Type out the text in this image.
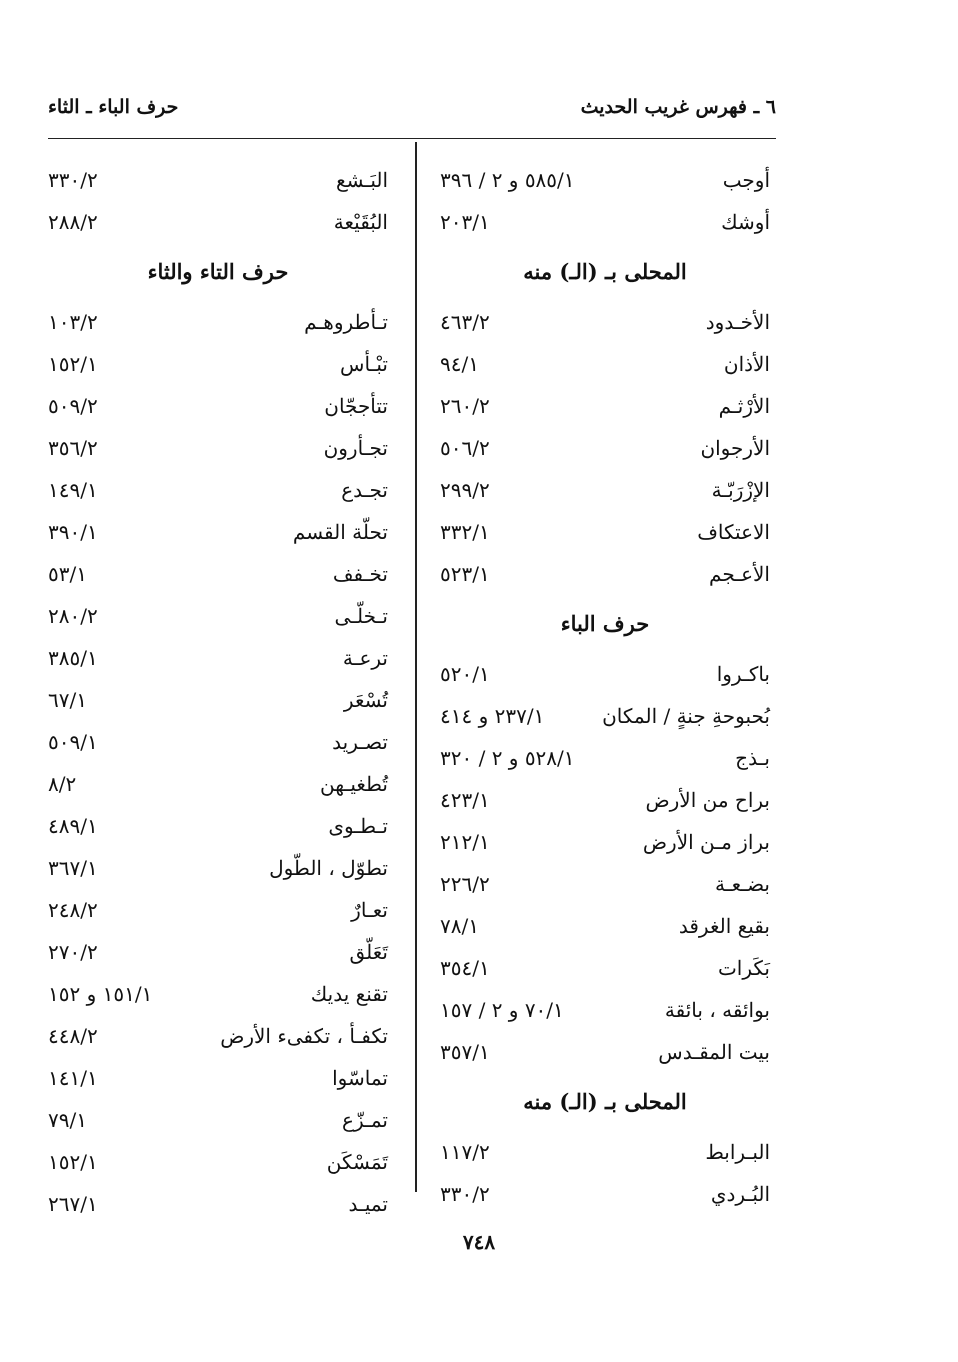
٦ ـ فهرس غريب الحديث
حرف الباء ـ الثاء
أوجب
٥٨٥/١ و ٢ / ٣٩٦
أوشك
٢٠٣/١
المحلى بـ (الـ) منه
الأخـدود
٤٦٣/٢
الأذان
٩٤/١
الأرْثـم
٢٦٠/٢
الأرجوان
٥٠٦/٢
الإزْرَبّـة
٢٩٩/٢
الاعتكاف
٣٣٢/١
الأعـجم
٥٢٣/١
حرف الباء
باكـروا
٥٢٠/١
بُحبوحةِ جنةٍ / المكان
٢٣٧/١ و ٤١٤
بـذج
٥٢٨/١ و ٢ / ٣٢٠
براح من الأرض
٤٢٣/١
براز مـن الأرض
٢١٢/١
بضـعـة
٢٢٦/٢
بقيع الغرقد
٧٨/١
بَكَرات
٣٥٤/١
بوائقه ، بائقة
٧٠/١ و ٢ / ١٥٧
بيت المقـدس
٣٥٧/١
المحلى بـ (الـ) منه
البـرابط
١١٧/٢
البُـردي
٣٣٠/٢
البَـشع
٣٣٠/٢
البُقَيْعة
٢٨٨/٢
حرف التاء والثاء
تـأطروهـم
١٠٣/٢
تبْـأس
١٥٢/١
تتأججّان
٥٠٩/٢
تجـأرون
٣٥٦/٢
تجـدع
١٤٩/١
تحلّة القسم
٣٩٠/١
تخـفف
٥٣/١
تـخلّـى
٢٨٠/٢
ترعـة
٣٨٥/١
تُسْعَر
٦٧/١
تصـريد
٥٠٩/١
تُطغيـهن
٨/٢
تـطـوى
٤٨٩/١
تطوّل ، الطّول
٣٦٧/١
تعـارٌ
٢٤٨/٢
تَعَلّق
٢٧٠/٢
تقنع يديك
١٥١/١ و ١٥٢
تكفـأ ، تكفىء الأرض
٤٤٨/٢
تماسّوا
١٤١/١
تمـزّع
٧٩/١
تَمَسْكَن
١٥٢/١
تميـد
٢٦٧/١
٧٤٨
